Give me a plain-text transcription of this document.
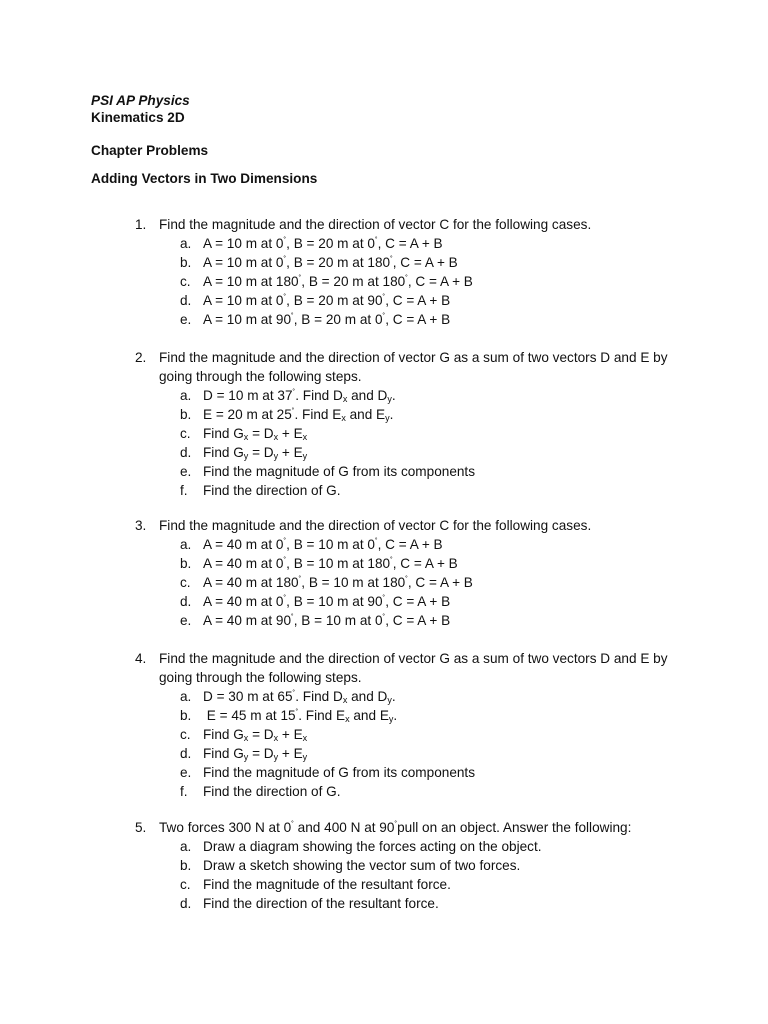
PSI AP Physics
Kinematics 2D
Chapter Problems
Adding Vectors in Two Dimensions
1. Find the magnitude and the direction of vector C for the following cases.
a. A = 10 m at 0˚, B = 20 m at 0˚, C = A + B
b. A = 10 m at 0˚, B = 20 m at 180˚, C = A + B
c. A = 10 m at 180˚, B = 20 m at 180˚, C = A + B
d. A = 10 m at 0˚, B = 20 m at 90˚, C = A + B
e. A = 10 m at 90˚, B = 20 m at 0˚, C = A + B
2. Find the magnitude and the direction of vector G as a sum of two vectors D and E by
going through the following steps.
a. D = 10 m at 37˚. Find $D_x$ and $D_y$.
b. E = 20 m at 25˚. Find $E_x$ and $E_y$.
c. Find $G_x = D_x + E_x$
d. Find $G_y = D_y + E_y$
e. Find the magnitude of G from its components
f. Find the direction of G.
3. Find the magnitude and the direction of vector C for the following cases.
a. A = 40 m at 0˚, B = 10 m at 0˚, C = A + B
b. A = 40 m at 0˚, B = 10 m at 180˚, C = A + B
c. A = 40 m at 180˚, B = 10 m at 180˚, C = A + B
d. A = 40 m at 0˚, B = 10 m at 90˚, C = A + B
e. A = 40 m at 90˚, B = 10 m at 0˚, C = A + B
4. Find the magnitude and the direction of vector G as a sum of two vectors D and E by
going through the following steps.
a. D = 30 m at 65˚. Find $D_x$ and $D_y$.
b. E = 45 m at 15˚. Find $E_x$ and $E_y$.
c. Find $G_x = D_x + E_x$
d. Find $G_y = D_y + E_y$
e. Find the magnitude of G from its components
f. Find the direction of G.
5. Two forces 300 N at 0˚ and 400 N at 90˚pull on an object. Answer the following:
a. Draw a diagram showing the forces acting on the object.
b. Draw a sketch showing the vector sum of two forces.
c. Find the magnitude of the resultant force.
d. Find the direction of the resultant force.
